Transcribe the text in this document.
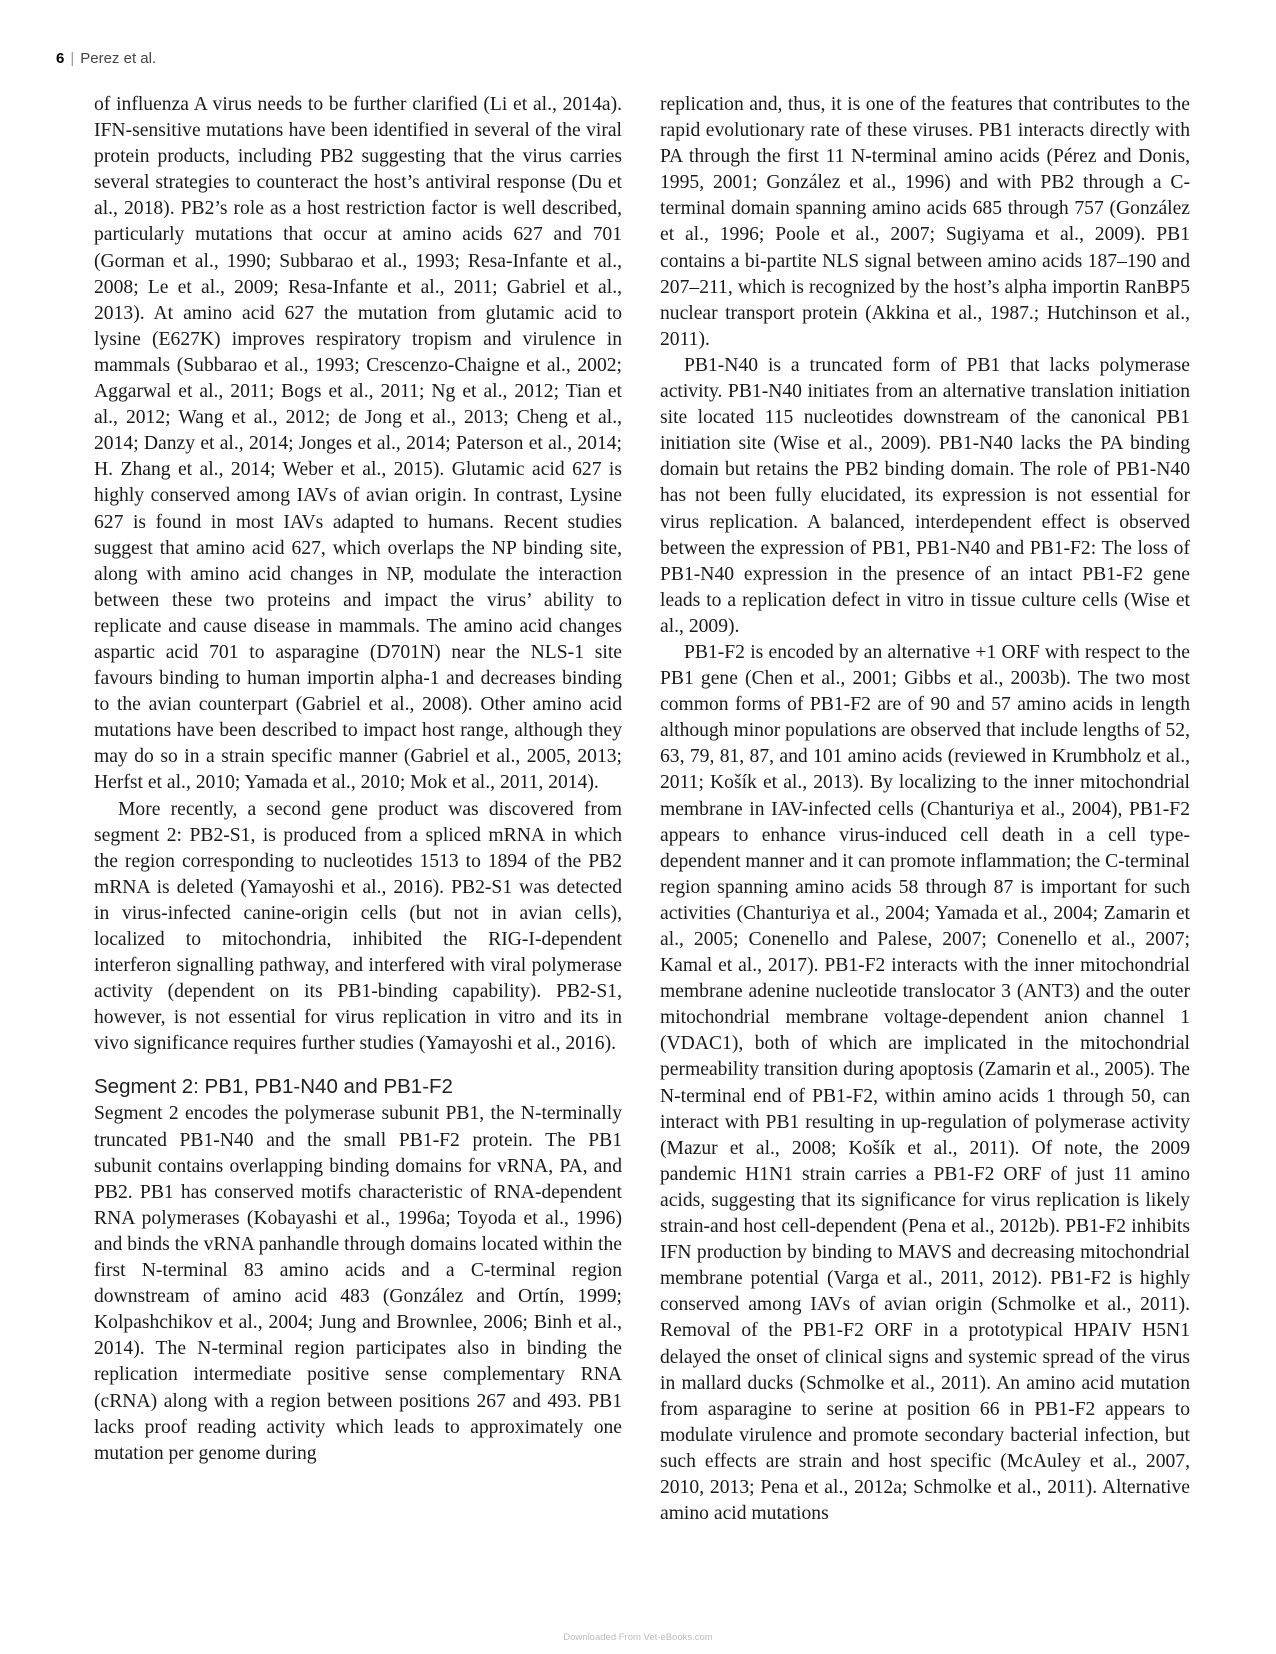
6 | Perez et al.

of influenza A virus needs to be further clarified (Li et al., 2014a). IFN-sensitive mutations have been identified in several of the viral protein products, including PB2 suggesting that the virus carries several strategies to counteract the host’s antiviral response (Du et al., 2018). PB2’s role as a host restriction factor is well described, particularly mutations that occur at amino acids 627 and 701 (Gorman et al., 1990; Subbarao et al., 1993; Resa-Infante et al., 2008; Le et al., 2009; Resa-Infante et al., 2011; Gabriel et al., 2013). At amino acid 627 the mutation from glutamic acid to lysine (E627K) improves respiratory tropism and virulence in mammals (Subbarao et al., 1993; Crescenzo-Chaigne et al., 2002; Aggarwal et al., 2011; Bogs et al., 2011; Ng et al., 2012; Tian et al., 2012; Wang et al., 2012; de Jong et al., 2013; Cheng et al., 2014; Danzy et al., 2014; Jonges et al., 2014; Paterson et al., 2014; H. Zhang et al., 2014; Weber et al., 2015). Glutamic acid 627 is highly conserved among IAVs of avian origin. In contrast, Lysine 627 is found in most IAVs adapted to humans. Recent studies suggest that amino acid 627, which overlaps the NP binding site, along with amino acid changes in NP, modulate the interaction between these two proteins and impact the virus’ ability to replicate and cause disease in mammals. The amino acid changes aspartic acid 701 to asparagine (D701N) near the NLS-1 site favours binding to human importin alpha-1 and decreases binding to the avian counterpart (Gabriel et al., 2008). Other amino acid mutations have been described to impact host range, although they may do so in a strain specific manner (Gabriel et al., 2005, 2013; Herfst et al., 2010; Yamada et al., 2010; Mok et al., 2011, 2014).

More recently, a second gene product was discovered from segment 2: PB2-S1, is produced from a spliced mRNA in which the region corresponding to nucleotides 1513 to 1894 of the PB2 mRNA is deleted (Yamayoshi et al., 2016). PB2-S1 was detected in virus-infected canine-origin cells (but not in avian cells), localized to mitochondria, inhibited the RIG-I-dependent interferon signalling pathway, and interfered with viral polymerase activity (dependent on its PB1-binding capability). PB2-S1, however, is not essential for virus replication in vitro and its in vivo significance requires further studies (Yamayoshi et al., 2016).

Segment 2: PB1, PB1-N40 and PB1-F2

Segment 2 encodes the polymerase subunit PB1, the N-terminally truncated PB1-N40 and the small PB1-F2 protein. The PB1 subunit contains overlapping binding domains for vRNA, PA, and PB2. PB1 has conserved motifs characteristic of RNA-dependent RNA polymerases (Kobayashi et al., 1996a; Toyoda et al., 1996) and binds the vRNA panhandle through domains located within the first N-terminal 83 amino acids and a C-terminal region downstream of amino acid 483 (González and Ortín, 1999; Kolpashchikov et al., 2004; Jung and Brownlee, 2006; Binh et al., 2014). The N-terminal region participates also in binding the replication intermediate positive sense complementary RNA (cRNA) along with a region between positions 267 and 493. PB1 lacks proof reading activity which leads to approximately one mutation per genome during

replication and, thus, it is one of the features that contributes to the rapid evolutionary rate of these viruses. PB1 interacts directly with PA through the first 11 N-terminal amino acids (Pérez and Donis, 1995, 2001; González et al., 1996) and with PB2 through a C-terminal domain spanning amino acids 685 through 757 (González et al., 1996; Poole et al., 2007; Sugiyama et al., 2009). PB1 contains a bi-partite NLS signal between amino acids 187–190 and 207–211, which is recognized by the host’s alpha importin RanBP5 nuclear transport protein (Akkina et al., 1987.; Hutchinson et al., 2011).

PB1-N40 is a truncated form of PB1 that lacks polymerase activity. PB1-N40 initiates from an alternative translation initiation site located 115 nucleotides downstream of the canonical PB1 initiation site (Wise et al., 2009). PB1-N40 lacks the PA binding domain but retains the PB2 binding domain. The role of PB1-N40 has not been fully elucidated, its expression is not essential for virus replication. A balanced, interdependent effect is observed between the expression of PB1, PB1-N40 and PB1-F2: The loss of PB1-N40 expression in the presence of an intact PB1-F2 gene leads to a replication defect in vitro in tissue culture cells (Wise et al., 2009).

PB1-F2 is encoded by an alternative +1 ORF with respect to the PB1 gene (Chen et al., 2001; Gibbs et al., 2003b). The two most common forms of PB1-F2 are of 90 and 57 amino acids in length although minor populations are observed that include lengths of 52, 63, 79, 81, 87, and 101 amino acids (reviewed in Krumbholz et al., 2011; Košík et al., 2013). By localizing to the inner mitochondrial membrane in IAV-infected cells (Chanturiya et al., 2004), PB1-F2 appears to enhance virus-induced cell death in a cell type-dependent manner and it can promote inflammation; the C-terminal region spanning amino acids 58 through 87 is important for such activities (Chanturiya et al., 2004; Yamada et al., 2004; Zamarin et al., 2005; Conenello and Palese, 2007; Conenello et al., 2007; Kamal et al., 2017). PB1-F2 interacts with the inner mitochondrial membrane adenine nucleotide translocator 3 (ANT3) and the outer mitochondrial membrane voltage-dependent anion channel 1 (VDAC1), both of which are implicated in the mitochondrial permeability transition during apoptosis (Zamarin et al., 2005). The N-terminal end of PB1-F2, within amino acids 1 through 50, can interact with PB1 resulting in up-regulation of polymerase activity (Mazur et al., 2008; Košík et al., 2011). Of note, the 2009 pandemic H1N1 strain carries a PB1-F2 ORF of just 11 amino acids, suggesting that its significance for virus replication is likely strain-and host cell-dependent (Pena et al., 2012b). PB1-F2 inhibits IFN production by binding to MAVS and decreasing mitochondrial membrane potential (Varga et al., 2011, 2012). PB1-F2 is highly conserved among IAVs of avian origin (Schmolke et al., 2011). Removal of the PB1-F2 ORF in a prototypical HPAIV H5N1 delayed the onset of clinical signs and systemic spread of the virus in mallard ducks (Schmolke et al., 2011). An amino acid mutation from asparagine to serine at position 66 in PB1-F2 appears to modulate virulence and promote secondary bacterial infection, but such effects are strain and host specific (McAuley et al., 2007, 2010, 2013; Pena et al., 2012a; Schmolke et al., 2011). Alternative amino acid mutations

Downloaded From Vet-eBooks.com
